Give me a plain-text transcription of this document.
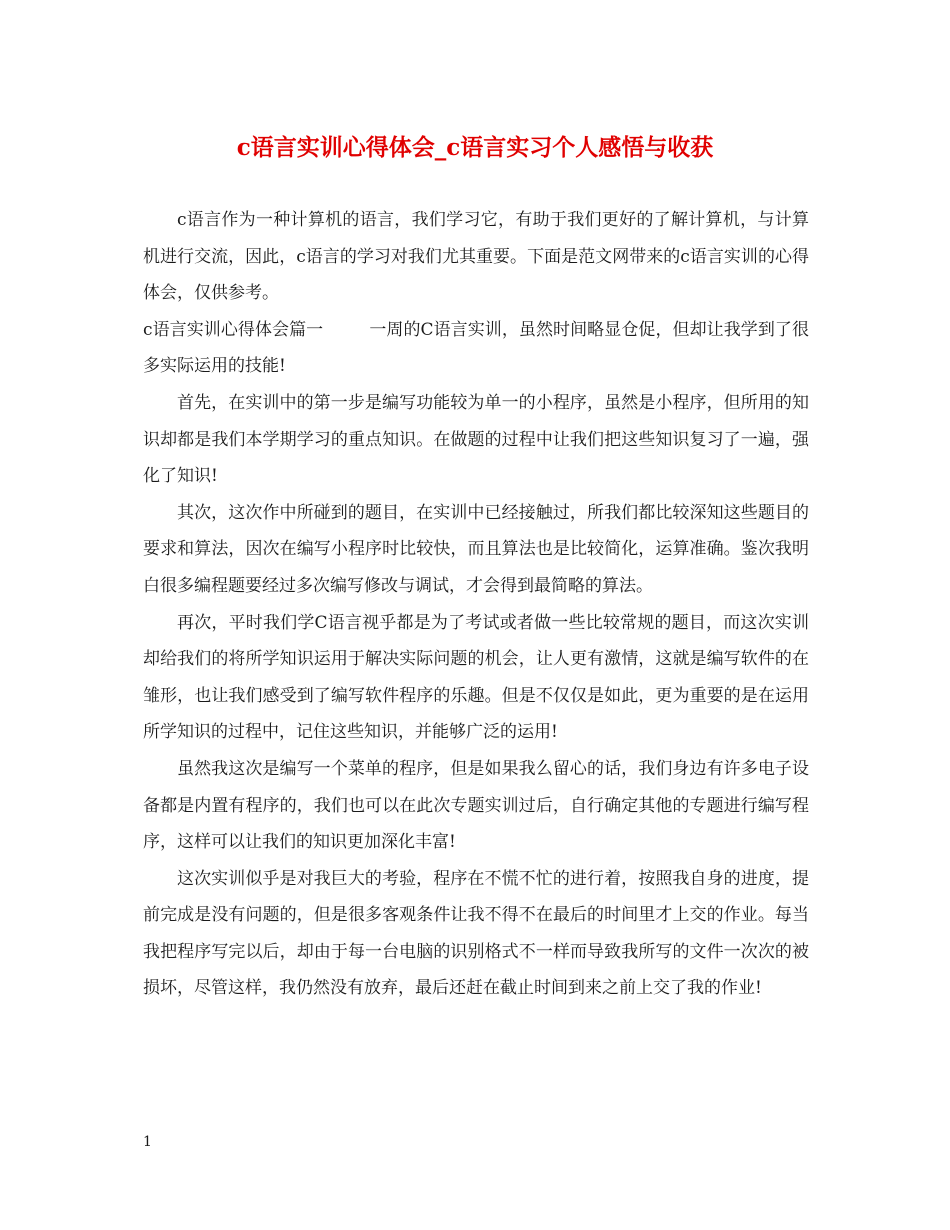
c语言实训心得体会_c语言实习个人感悟与收获

c语言作为一种计算机的语言，我们学习它，有助于我们更好的了解计算机，与计算机进行交流，因此，c语言的学习对我们尤其重要。下面是范文网带来的c语言实训的心得体会，仅供参考。

c语言实训心得体会篇一	一周的C语言实训，虽然时间略显仓促，但却让我学到了很多实际运用的技能!

首先，在实训中的第一步是编写功能较为单一的小程序，虽然是小程序，但所用的知识却都是我们本学期学习的重点知识。在做题的过程中让我们把这些知识复习了一遍，强化了知识!

其次，这次作中所碰到的题目，在实训中已经接触过，所我们都比较深知这些题目的要求和算法，因次在编写小程序时比较快，而且算法也是比较简化，运算准确。鉴次我明白很多编程题要经过多次编写修改与调试，才会得到最简略的算法。

再次，平时我们学C语言视乎都是为了考试或者做一些比较常规的题目，而这次实训却给我们的将所学知识运用于解决实际问题的机会，让人更有激情，这就是编写软件的在雏形，也让我们感受到了编写软件程序的乐趣。但是不仅仅是如此，更为重要的是在运用所学知识的过程中，记住这些知识，并能够广泛的运用!

虽然我这次是编写一个菜单的程序，但是如果我么留心的话，我们身边有许多电子设备都是内置有程序的，我们也可以在此次专题实训过后，自行确定其他的专题进行编写程序，这样可以让我们的知识更加深化丰富!

这次实训似乎是对我巨大的考验，程序在不慌不忙的进行着，按照我自身的进度，提前完成是没有问题的，但是很多客观条件让我不得不在最后的时间里才上交的作业。每当我把程序写完以后，却由于每一台电脑的识别格式不一样而导致我所写的文件一次次的被损坏，尽管这样，我仍然没有放弃，最后还赶在截止时间到来之前上交了我的作业!

1
